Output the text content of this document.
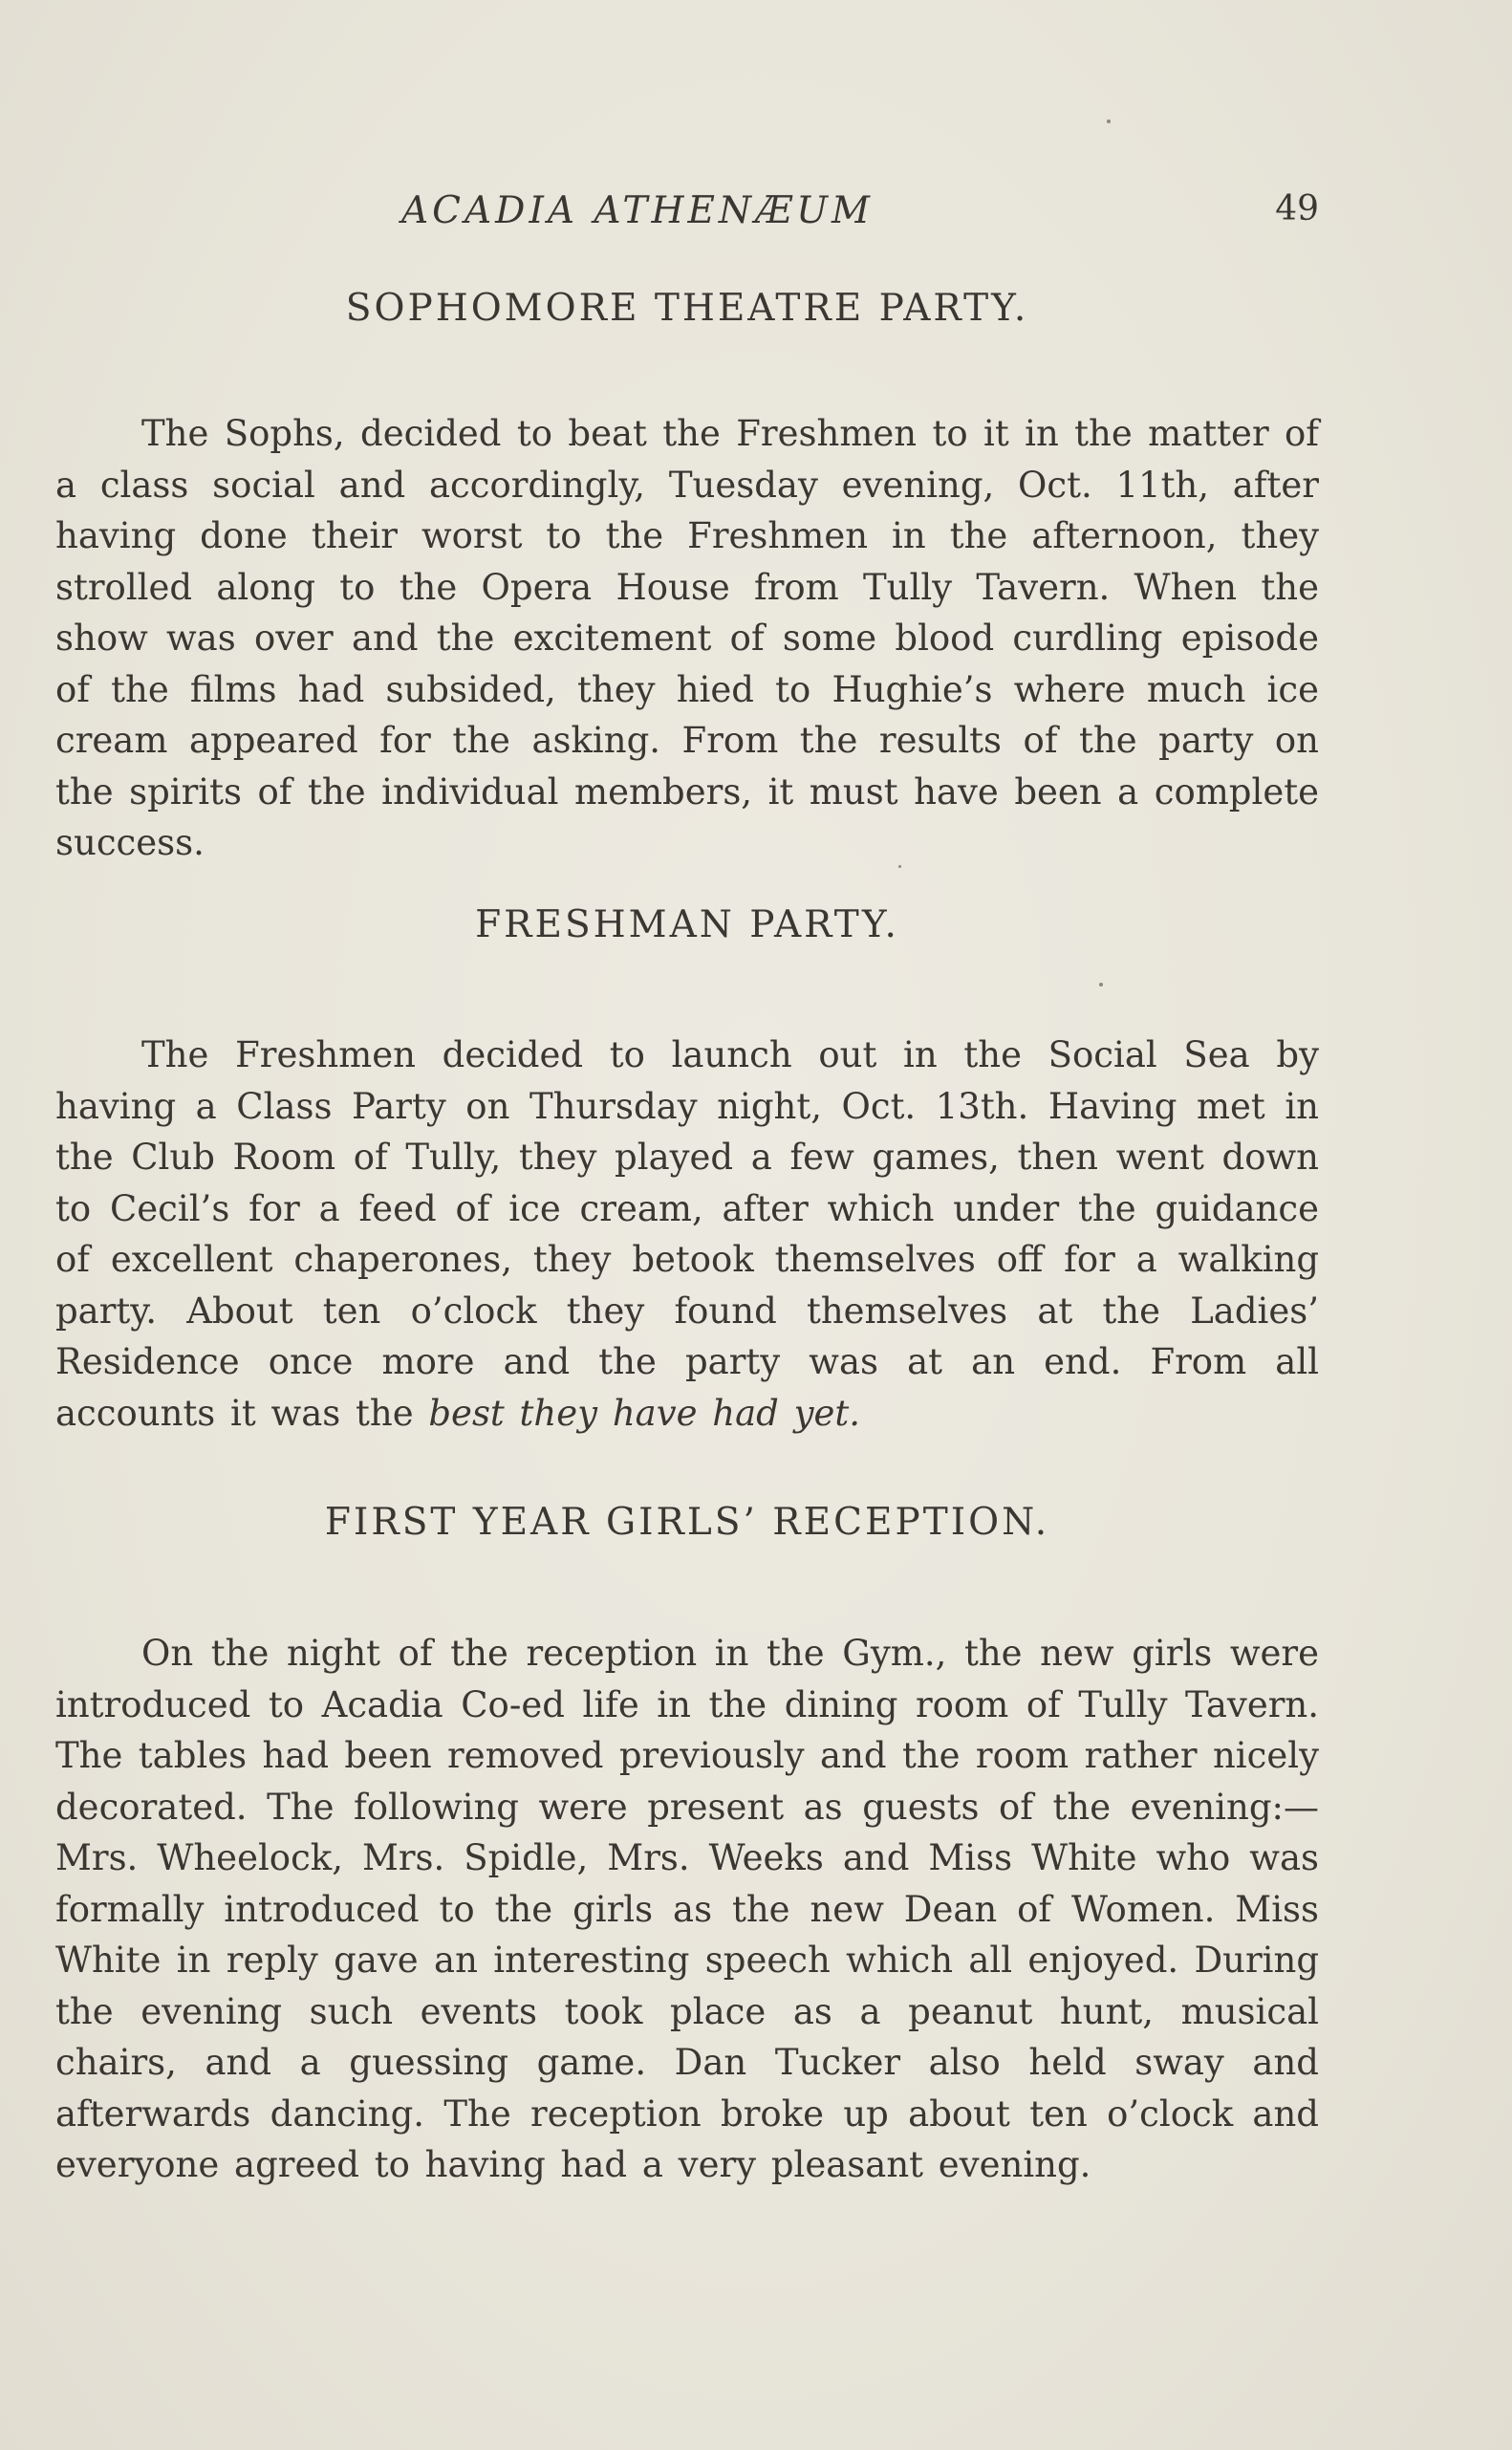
ACADIA ATHENÆUM	49
SOPHOMORE THEATRE PARTY.

The Sophs, decided to beat the Freshmen to it in the matter of a class social and accordingly, Tuesday evening, Oct. 11th, after having done their worst to the Freshmen in the afternoon, they strolled along to the Opera House from Tully Tavern. When the show was over and the excitement of some blood curdling episode of the films had subsided, they hied to Hughie’s where much ice cream appeared for the asking. From the results of the party on the spirits of the individual members, it must have been a complete success.

FRESHMAN PARTY.

The Freshmen decided to launch out in the Social Sea by having a Class Party on Thursday night, Oct. 13th. Having met in the Club Room of Tully, they played a few games, then went down to Cecil’s for a feed of ice cream, after which under the guidance of excellent chaperones, they betook themselves off for a walking party. About ten o’clock they found themselves at the Ladies’ Residence once more and the party was at an end. From all accounts it was the best they have had yet.

FIRST YEAR GIRLS’ RECEPTION.

On the night of the reception in the Gym., the new girls were introduced to Acadia Co-ed life in the dining room of Tully Tavern. The tables had been removed previously and the room rather nicely decorated. The following were present as guests of the evening:—Mrs. Wheelock, Mrs. Spidle, Mrs. Weeks and Miss White who was formally introduced to the girls as the new Dean of Women. Miss White in reply gave an interesting speech which all enjoyed. During the evening such events took place as a peanut hunt, musical chairs, and a guessing game. Dan Tucker also held sway and afterwards dancing. The reception broke up about ten o’clock and everyone agreed to having had a very pleasant evening.
